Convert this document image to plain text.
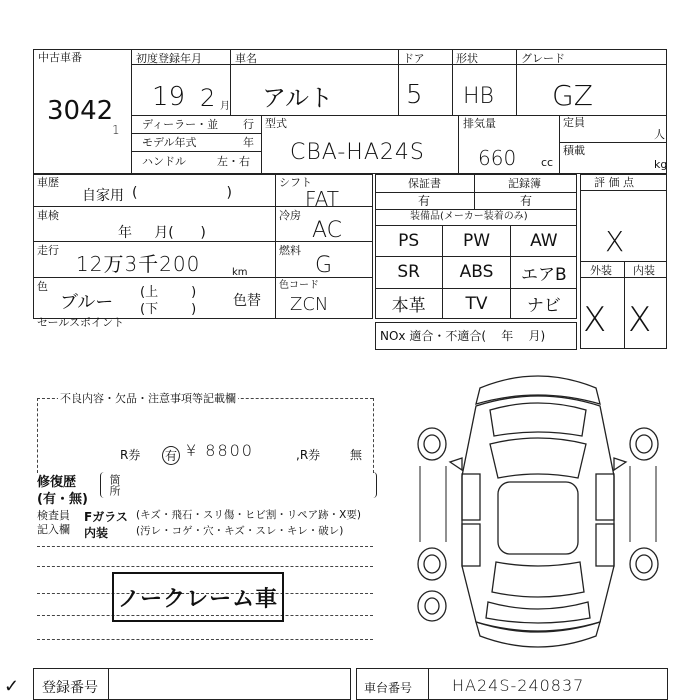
中古車番
3042
1
初度登録年月
19 2 月
車名
アルト
ドア
5
形状
HB
グレード
GZ
ディーラー・並 行
モデル年式	年
ハンドル	左・右
型式
CBA-HA24S
排気量
660 cc
定員
人
積載
kg
車歴
自家用 (                    )
車検
年     月(      )
走行
12万3千200	km
色
ブルー (上        )
(下        )
色替
シフト
FAT
冷房
AC
燃料
G
色コード
ZCN
セールスポイント
保証書
有
記録簿
有
装備品(メーカー装着のみ)
PS	PW	AW
SR	ABS	エアB
本革	TV	ナビ
NOx 適合・不適合(    年    月)
評 価 点
X
外装 内装
X X
不良内容・欠品・注意事項等記載欄
R券 有 ¥ 8800	,R券 無
修復歴
(有・無)
箇所
検査員
記入欄
Fガラス (キズ・飛石・スリ傷・ヒビ割・リペア跡・X要)
内装	(汚レ・コゲ・穴・キズ・スレ・キレ・破レ)
ノークレーム車
登録番号	車台番号 HA24S-240837
✓
